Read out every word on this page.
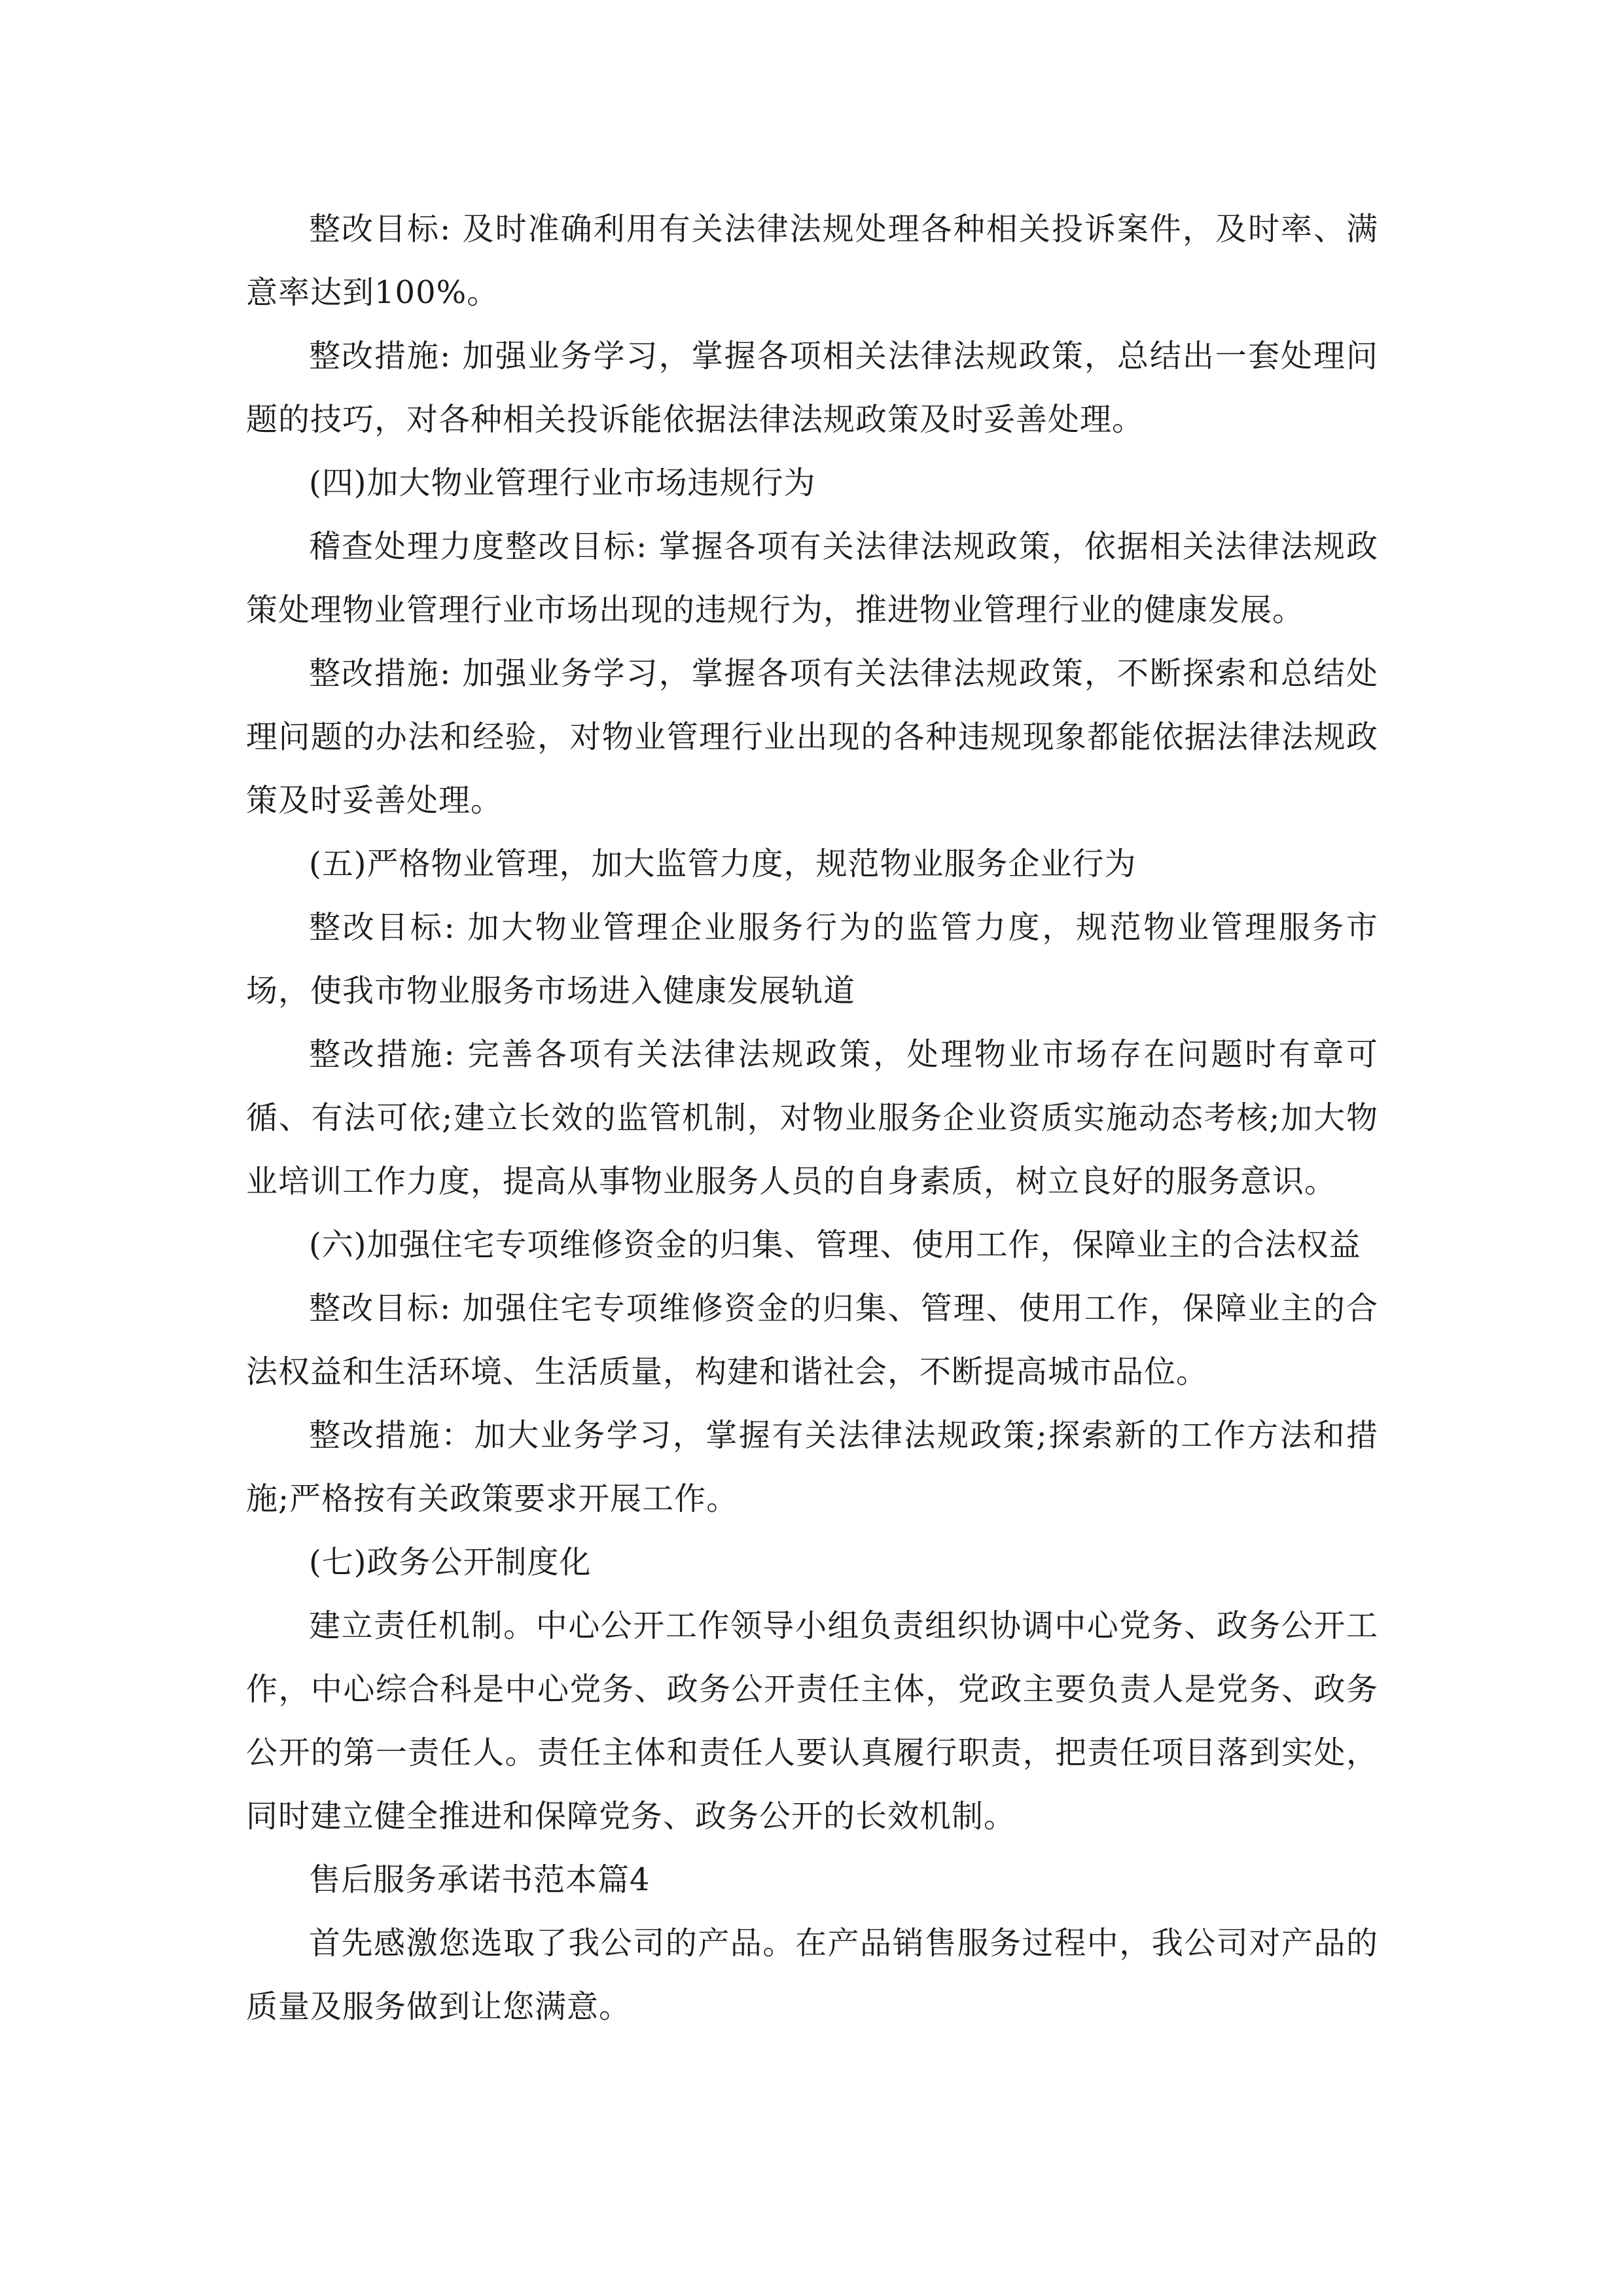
整改目标: 及时准确利用有关法律法规处理各种相关投诉案件，及时率、满意率达到100%。

整改措施: 加强业务学习，掌握各项相关法律法规政策，总结出一套处理问题的技巧，对各种相关投诉能依据法律法规政策及时妥善处理。

(四)加大物业管理行业市场违规行为

稽查处理力度整改目标: 掌握各项有关法律法规政策，依据相关法律法规政策处理物业管理行业市场出现的违规行为，推进物业管理行业的健康发展。

整改措施: 加强业务学习，掌握各项有关法律法规政策，不断探索和总结处理问题的办法和经验，对物业管理行业出现的各种违规现象都能依据法律法规政策及时妥善处理。

(五)严格物业管理，加大监管力度，规范物业服务企业行为

整改目标: 加大物业管理企业服务行为的监管力度，规范物业管理服务市场，使我市物业服务市场进入健康发展轨道

整改措施: 完善各项有关法律法规政策，处理物业市场存在问题时有章可循、有法可依;建立长效的监管机制，对物业服务企业资质实施动态考核;加大物业培训工作力度，提高从事物业服务人员的自身素质，树立良好的服务意识。

(六)加强住宅专项维修资金的归集、管理、使用工作，保障业主的合法权益

整改目标: 加强住宅专项维修资金的归集、管理、使用工作，保障业主的合法权益和生活环境、生活质量，构建和谐社会，不断提高城市品位。

整改措施：加大业务学习，掌握有关法律法规政策;探索新的工作方法和措施;严格按有关政策要求开展工作。

(七)政务公开制度化

建立责任机制。中心公开工作领导小组负责组织协调中心党务、政务公开工作，中心综合科是中心党务、政务公开责任主体，党政主要负责人是党务、政务公开的第一责任人。责任主体和责任人要认真履行职责，把责任项目落到实处，同时建立健全推进和保障党务、政务公开的长效机制。

售后服务承诺书范本篇4

首先感激您选取了我公司的产品。在产品销售服务过程中，我公司对产品的质量及服务做到让您满意。
